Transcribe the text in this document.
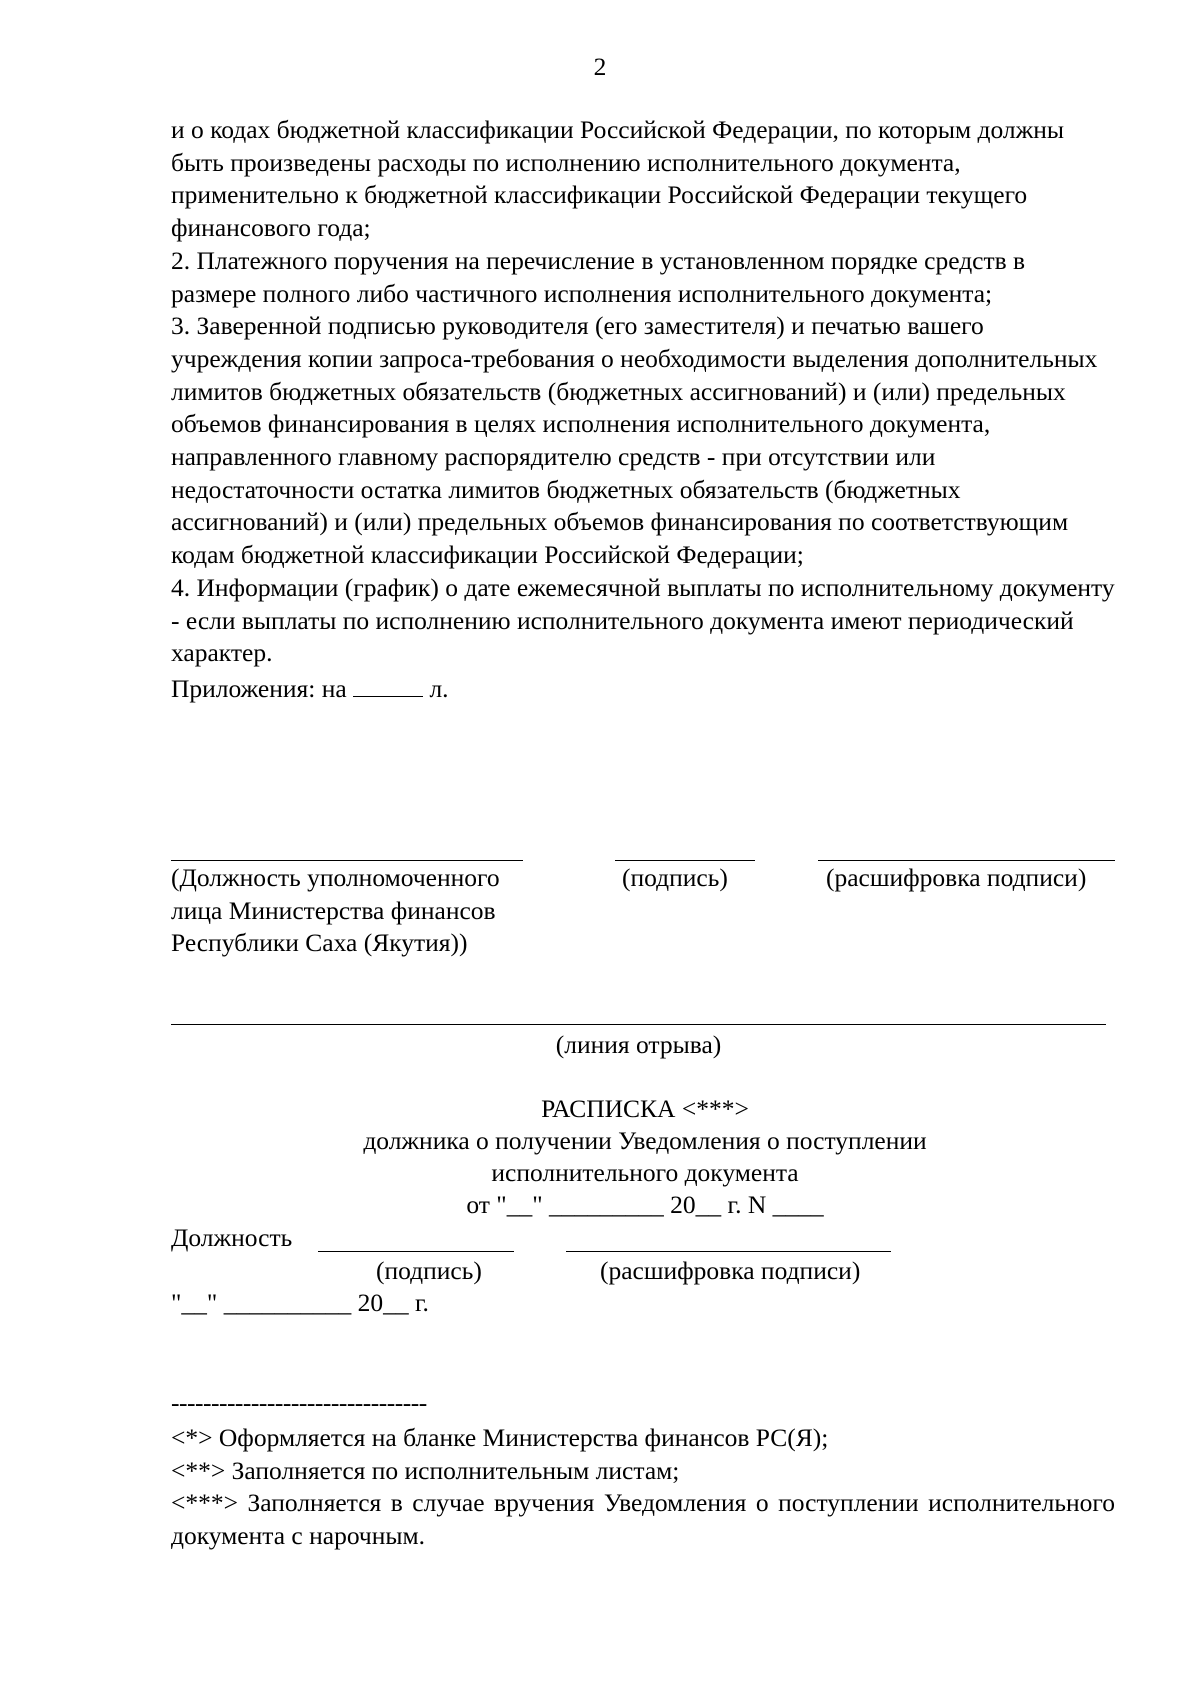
2

и о кодах бюджетной классификации Российской Федерации, по которым должны быть произведены расходы по исполнению исполнительного документа, применительно к бюджетной классификации Российской Федерации текущего финансового года;

2. Платежного поручения на перечисление в установленном порядке средств в размере полного либо частичного исполнения исполнительного документа;

3. Заверенной подписью руководителя (его заместителя) и печатью вашего учреждения копии запроса-требования о необходимости выделения дополнительных лимитов бюджетных обязательств (бюджетных ассигнований) и (или) предельных объемов финансирования в целях исполнения исполнительного документа, направленного главному распорядителю средств - при отсутствии или недостаточности остатка лимитов бюджетных обязательств (бюджетных ассигнований) и (или) предельных объемов финансирования по соответствующим кодам бюджетной классификации Российской Федерации;

4. Информации (график) о дате ежемесячной выплаты по исполнительному документу - если выплаты по исполнению исполнительного документа имеют периодический характер.

Приложения: на	л.

(Должность уполномоченного
лица Министерства финансов
Республики Саха (Якутия))
(подпись)	(расшифровка подписи)
(линия отрыва)
РАСПИСКА <***>
должника о получении Уведомления о поступлении
исполнительного документа
от "__" _________ 20__ г. N ____
Должность
(подпись)	(расшифровка подписи)
"__" __________ 20__ г.
--------------------------------

<*> Оформляется на бланке Министерства финансов РС(Я);

<**> Заполняется по исполнительным листам;

<***> Заполняется в случае вручения Уведомления о поступлении исполнительного документа с нарочным.
